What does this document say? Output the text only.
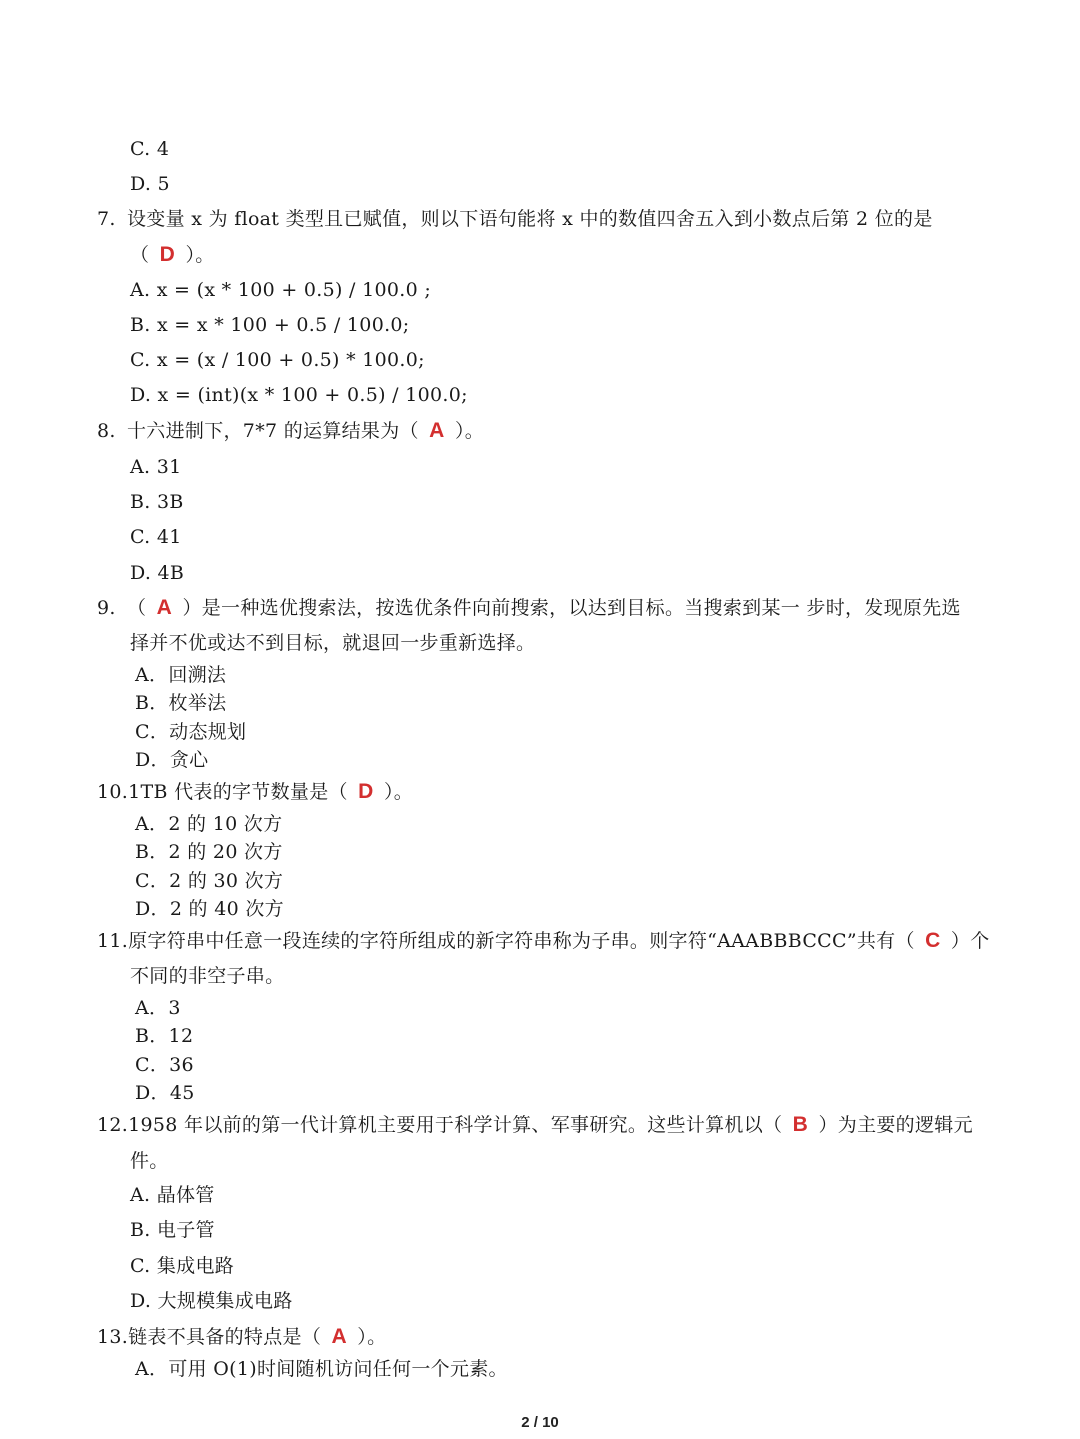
C. 4
D. 5
7. 设变量 x 为 float 类型且已赋值，则以下语句能将 x 中的数值四舍五入到小数点后第 2 位的是
（ D ）。
A. x = (x * 100 + 0.5) / 100.0 ;
B. x = x * 100 + 0.5 / 100.0;
C. x = (x / 100 + 0.5) * 100.0;
D. x = (int)(x * 100 + 0.5) / 100.0;
8. 十六进制下，7*7 的运算结果为（ A ）。
A. 31
B. 3B
C. 41
D. 4B
9. （ A ）是一种选优搜索法，按选优条件向前搜索，以达到目标。当搜索到某一 步时，发现原先选
择并不优或达不到目标，就退回一步重新选择。
A．回溯法
B．枚举法
C．动态规划
D．贪心
10.1TB 代表的字节数量是（ D ）。
A．2 的 10 次方
B．2 的 20 次方
C．2 的 30 次方
D．2 的 40 次方
11.原字符串中任意一段连续的字符所组成的新字符串称为子串。则字符“AAABBBCCC”共有（ C ）个
不同的非空子串。
A．3
B．12
C．36
D．45
12.1958 年以前的第一代计算机主要用于科学计算、军事研究。这些计算机以（ B ）为主要的逻辑元
件。
A. 晶体管
B. 电子管
C. 集成电路
D. 大规模集成电路
13.链表不具备的特点是（ A ）。
A．可用 O(1)时间随机访问任何一个元素。
2 / 10
